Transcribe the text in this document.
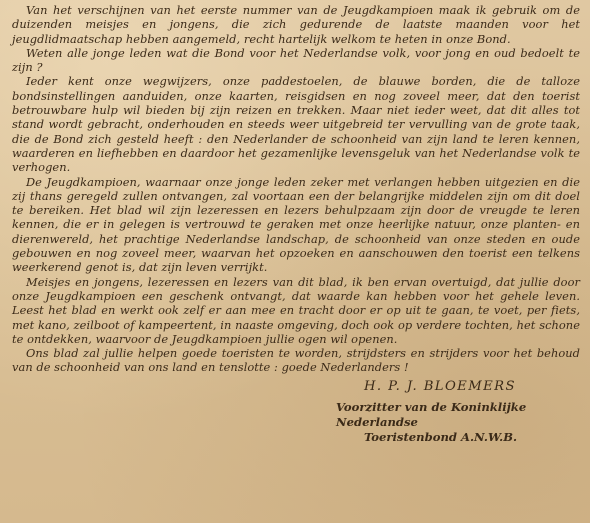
Van het verschijnen van het eerste nummer van de Jeugdkampioen maak ik gebruik om de duizenden meisjes en jongens, die zich gedurende de laatste maanden voor het jeugdlidmaatschap hebben aangemeld, recht hartelijk welkom te heten in onze Bond.

Weten alle jonge leden wat die Bond voor het Nederlandse volk, voor jong en oud bedoelt te zijn ?

Ieder kent onze wegwijzers, onze paddestoelen, de blauwe borden, die de talloze bondsinstellingen aanduiden, onze kaarten, reisgidsen en nog zoveel meer, dat den toerist betrouwbare hulp wil bieden bij zijn reizen en trekken. Maar niet ieder weet, dat dit alles tot stand wordt gebracht, onderhouden en steeds weer uitgebreid ter vervulling van de grote taak, die de Bond zich gesteld heeft : den Nederlander de schoonheid van zijn land te leren kennen, waarderen en liefhebben en daardoor het gezamenlijke levensgeluk van het Nederlandse volk te verhogen.

De Jeugdkampioen, waarnaar onze jonge leden zeker met verlangen hebben uitgezien en die zij thans geregeld zullen ontvangen, zal voortaan een der belangrijke middelen zijn om dit doel te bereiken. Het blad wil zijn lezeressen en lezers behulpzaam zijn door de vreugde te leren kennen, die er in gelegen is vertrouwd te geraken met onze heerlijke natuur, onze planten- en dierenwereld, het prachtige Nederlandse landschap, de schoonheid van onze steden en oude gebouwen en nog zoveel meer, waarvan het opzoeken en aanschouwen den toerist een telkens weerkerend genot is, dat zijn leven verrijkt.

Meisjes en jongens, lezeressen en lezers van dit blad, ik ben ervan overtuigd, dat jullie door onze Jeugdkampioen een geschenk ontvangt, dat waarde kan hebben voor het gehele leven. Leest het blad en werkt ook zelf er aan mee en tracht door er op uit te gaan, te voet, per fiets, met kano, zeilboot of kampeertent, in naaste omgeving, doch ook op verdere tochten, het schone te ontdekken, waarvoor de Jeugdkampioen jullie ogen wil openen.

Ons blad zal jullie helpen goede toeristen te worden, strijdsters en strijders voor het behoud van de schoonheid van ons land en tenslotte : goede Nederlanders !

H. P. J. BLOEMERS

Voorzitter van de Koninklijke Nederlandse

Toeristenbond A.N.W.B.
